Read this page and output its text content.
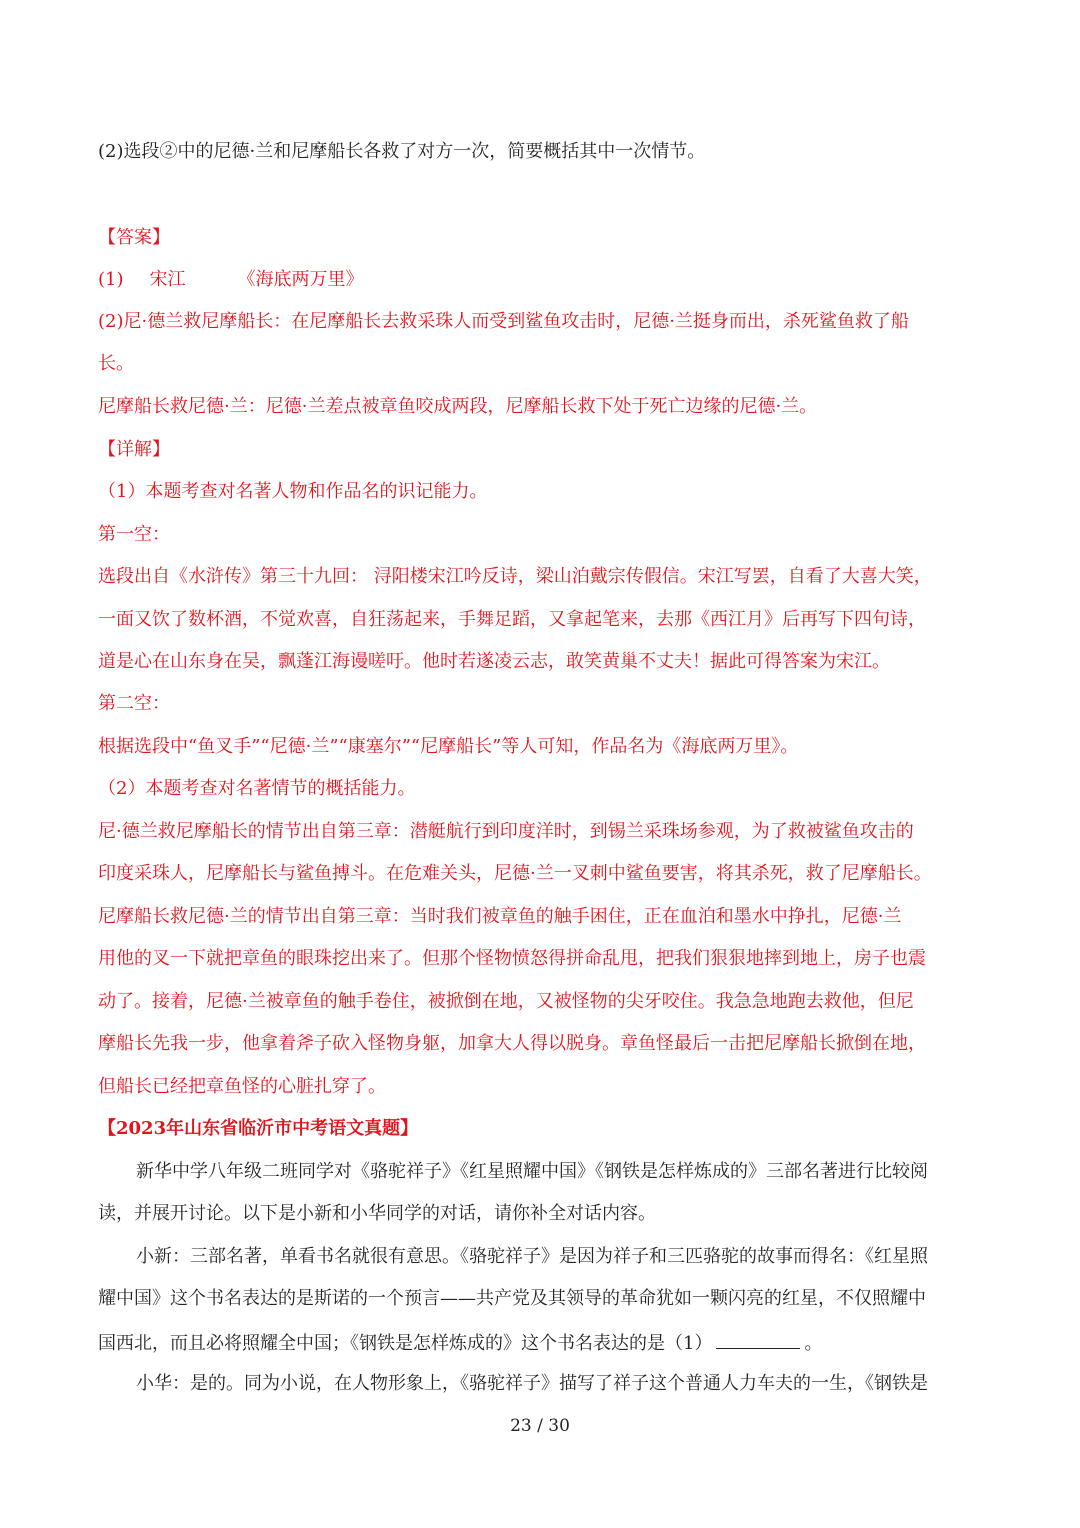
(2)选段②中的尼德·兰和尼摩船长各救了对方一次，简要概括其中一次情节。
【答案】
(1) 宋江	《海底两万里》
(2)尼·德兰救尼摩船长：在尼摩船长去救采珠人而受到鲨鱼攻击时，尼德·兰挺身而出，杀死鲨鱼救了船
长。
尼摩船长救尼德·兰：尼德·兰差点被章鱼咬成两段，尼摩船长救下处于死亡边缘的尼德·兰。
【详解】
（1）本题考查对名著人物和作品名的识记能力。
第一空：
选段出自《水浒传》第三十九回： 浔阳楼宋江吟反诗，梁山泊戴宗传假信。宋江写罢，自看了大喜大笑，
一面又饮了数杯酒，不觉欢喜，自狂荡起来，手舞足蹈，又拿起笔来，去那《西江月》后再写下四句诗，
道是心在山东身在吴，飘蓬江海谩嗟吁。他时若遂凌云志，敢笑黄巢不丈夫！据此可得答案为宋江。
第二空：
根据选段中“鱼叉手”“尼德·兰”“康塞尔”“尼摩船长”等人可知，作品名为《海底两万里》。
（2）本题考查对名著情节的概括能力。
尼·德兰救尼摩船长的情节出自第三章：潜艇航行到印度洋时，到锡兰采珠场参观，为了救被鲨鱼攻击的
印度采珠人，尼摩船长与鲨鱼搏斗。在危难关头，尼德·兰一叉刺中鲨鱼要害，将其杀死，救了尼摩船长。
尼摩船长救尼德·兰的情节出自第三章：当时我们被章鱼的触手困住，正在血泊和墨水中挣扎，尼德·兰
用他的叉一下就把章鱼的眼珠挖出来了。但那个怪物愤怒得拼命乱甩，把我们狠狠地摔到地上，房子也震
动了。接着，尼德·兰被章鱼的触手卷住，被掀倒在地，又被怪物的尖牙咬住。我急急地跑去救他，但尼
摩船长先我一步，他拿着斧子砍入怪物身躯，加拿大人得以脱身。章鱼怪最后一击把尼摩船长掀倒在地，
但船长已经把章鱼怪的心脏扎穿了。
【2023年山东省临沂市中考语文真题】
新华中学八年级二班同学对《骆驼祥子》《红星照耀中国》《钢铁是怎样炼成的》三部名著进行比较阅
读，并展开讨论。以下是小新和小华同学的对话，请你补全对话内容。
小新：三部名著，单看书名就很有意思。《骆驼祥子》是因为祥子和三匹骆驼的故事而得名：《红星照
耀中国》这个书名表达的是斯诺的一个预言——共产党及其领导的革命犹如一颗闪亮的红星，不仅照耀中
国西北，而且必将照耀全中国；《钢铁是怎样炼成的》这个书名表达的是（1）	。
小华：是的。同为小说，在人物形象上，《骆驼祥子》描写了祥子这个普通人力车夫的一生，《钢铁是
23 / 30
